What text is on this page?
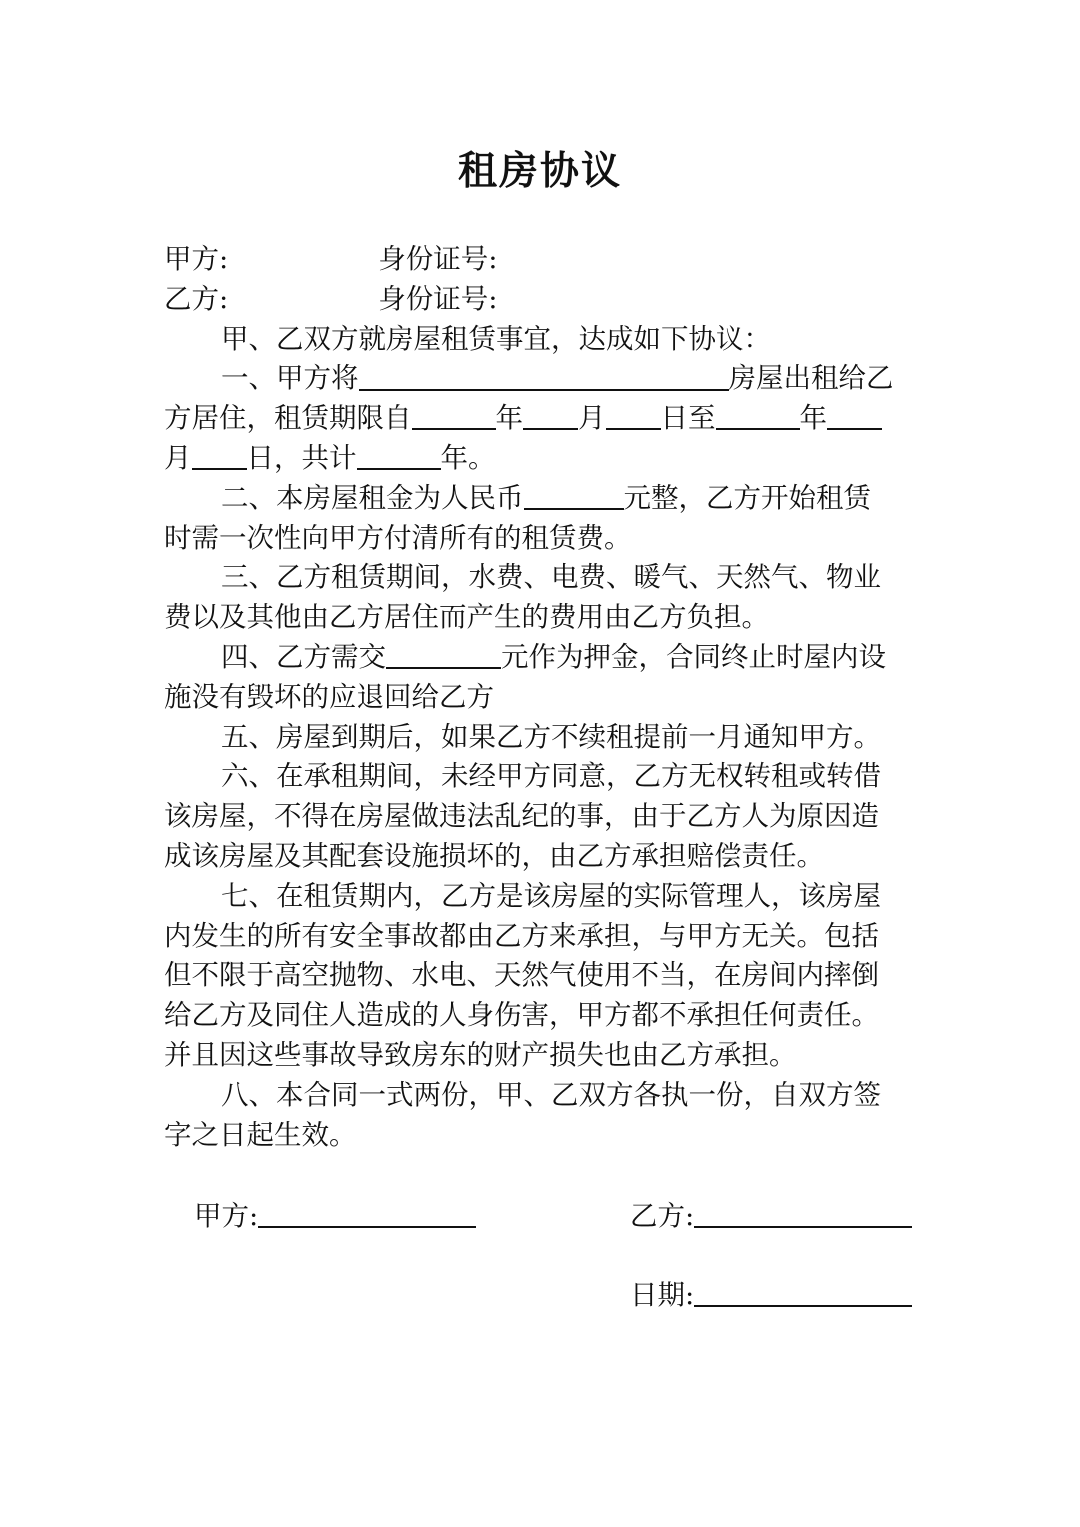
租房协议
甲方:	身份证号:
乙方:	身份证号:
甲、乙双方就房屋租赁事宜，达成如下协议：
一、甲方将	房屋出租给乙
方居住，租赁期限自	年 月 日至	年
月 日，共计	年。
二、本房屋租金为人民币	元整，乙方开始租赁
时需一次性向甲方付清所有的租赁费。
三、乙方租赁期间，水费、电费、暖气、天然气、物业
费以及其他由乙方居住而产生的费用由乙方负担。
四、乙方需交	元作为押金，合同终止时屋内设
施没有毁坏的应退回给乙方
五、房屋到期后，如果乙方不续租提前一月通知甲方。
六、在承租期间，未经甲方同意，乙方无权转租或转借
该房屋，不得在房屋做违法乱纪的事，由于乙方人为原因造
成该房屋及其配套设施损坏的，由乙方承担赔偿责任。
七、在租赁期内，乙方是该房屋的实际管理人，该房屋
内发生的所有安全事故都由乙方来承担，与甲方无关。包括
但不限于高空抛物、水电、天然气使用不当，在房间内摔倒
给乙方及同住人造成的人身伤害，甲方都不承担任何责任。
并且因这些事故导致房东的财产损失也由乙方承担。
八、本合同一式两份，甲、乙双方各执一份，自双方签
字之日起生效。
甲方:	乙方:
日期:
